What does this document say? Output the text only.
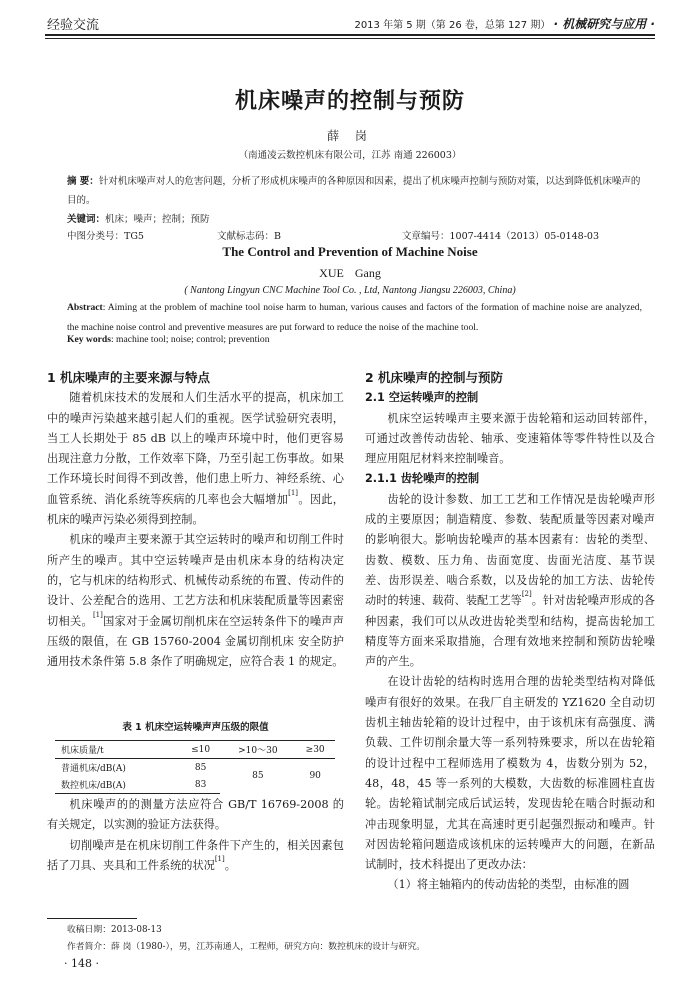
经验交流	2013 年第 5 期（第 26 卷，总第 127 期） · 机械研究与应用 ·
机床噪声的控制与预防
薛 岗
（南通凌云数控机床有限公司，江苏 南通 226003）
摘 要：针对机床噪声对人的危害问题，分析了形成机床噪声的各种原因和因素，提出了机床噪声控制与预防对策，以达到降低机床噪声的目的。
关键词：机床；噪声；控制；预防
中图分类号：TG5	文献标志码：B	文章编号：1007-4414（2013）05-0148-03
The Control and Prevention of Machine Noise
XUE Gang
( Nantong Lingyun CNC Machine Tool Co. , Ltd, Nantong Jiangsu 226003, China)
Abstract: Aiming at the problem of machine tool noise harm to human, various causes and factors of the formation of machine noise are analyzed, the machine noise control and preventive measures are put forward to reduce the noise of the machine tool.
Key words: machine tool; noise; control; prevention
1 机床噪声的主要来源与特点

随着机床技术的发展和人们生活水平的提高，机床加工中的噪声污染越来越引起人们的重视。医学试验研究表明，当工人长期处于 85 dB 以上的噪声环境中时，他们更容易出现注意力分散，工作效率下降，乃至引起工伤事故。如果工作环境长时间得不到改善，他们患上听力、神经系统、心血管系统、消化系统等疾病的几率也会大幅增加[1]。因此，机床的噪声污染必须得到控制。

机床的噪声主要来源于其空运转时的噪声和切削工件时所产生的噪声。其中空运转噪声是由机床本身的结构决定的，它与机床的结构形式、机械传动系统的布置、传动件的设计、公差配合的选用、工艺方法和机床装配质量等因素密切相关。[1]国家对于金属切削机床在空运转条件下的噪声声压级的限值，在 GB 15760-2004 金属切削机床 安全防护通用技术条件第 5.8 条作了明确规定，应符合表 1 的规定。

表 1 机床空运转噪声声压级的限值
机床质量/t	≤10	>10～30	≥30
普通机床/dB(A)	85	85	90
数控机床/dB(A)	83		

机床噪声的的测量方法应符合 GB/T 16769-2008 的有关规定，以实测的验证方法获得。

切削噪声是在机床切削工件条件下产生的，相关因素包括了刀具、夹具和工件系统的状况[1]。

2 机床噪声的控制与预防
2.1 空运转噪声的控制

机床空运转噪声主要来源于齿轮箱和运动回转部件，可通过改善传动齿轮、轴承、变速箱体等零件特性以及合理应用阻尼材料来控制噪音。

2.1.1 齿轮噪声的控制

齿轮的设计参数、加工工艺和工作情况是齿轮噪声形成的主要原因；制造精度、参数、装配质量等因素对噪声的影响很大。影响齿轮噪声的基本因素有：齿轮的类型、齿数、模数、压力角、齿面宽度、齿面光洁度、基节误差、齿形误差、啮合系数，以及齿轮的加工方法、齿轮传动时的转速、载荷、装配工艺等[2]。针对齿轮噪声形成的各种因素，我们可以从改进齿轮类型和结构，提高齿轮加工精度等方面来采取措施，合理有效地来控制和预防齿轮噪声的产生。

在设计齿轮的结构时选用合理的齿轮类型结构对降低噪声有很好的效果。在我厂自主研发的 YZ1620 全自动切齿机主轴齿轮箱的设计过程中，由于该机床有高强度、满负载、工件切削余量大等一系列特殊要求，所以在齿轮箱的设计过程中工程师选用了模数为 4，齿数分别为 52，48，48，45 等一系列的大模数，大齿数的标准圆柱直齿轮。齿轮箱试制完成后试运转，发现齿轮在啮合时振动和冲击现象明显，尤其在高速时更引起强烈振动和噪声。针对因齿轮箱问题造成该机床的运转噪声大的问题，在新品试制时，技术科提出了更改办法：

（1）将主轴箱内的传动齿轮的类型，由标准的圆

收稿日期：2013-08-13
作者简介：薛 岗（1980-），男，江苏南通人，工程师，研究方向：数控机床的设计与研究。
· 148 ·
